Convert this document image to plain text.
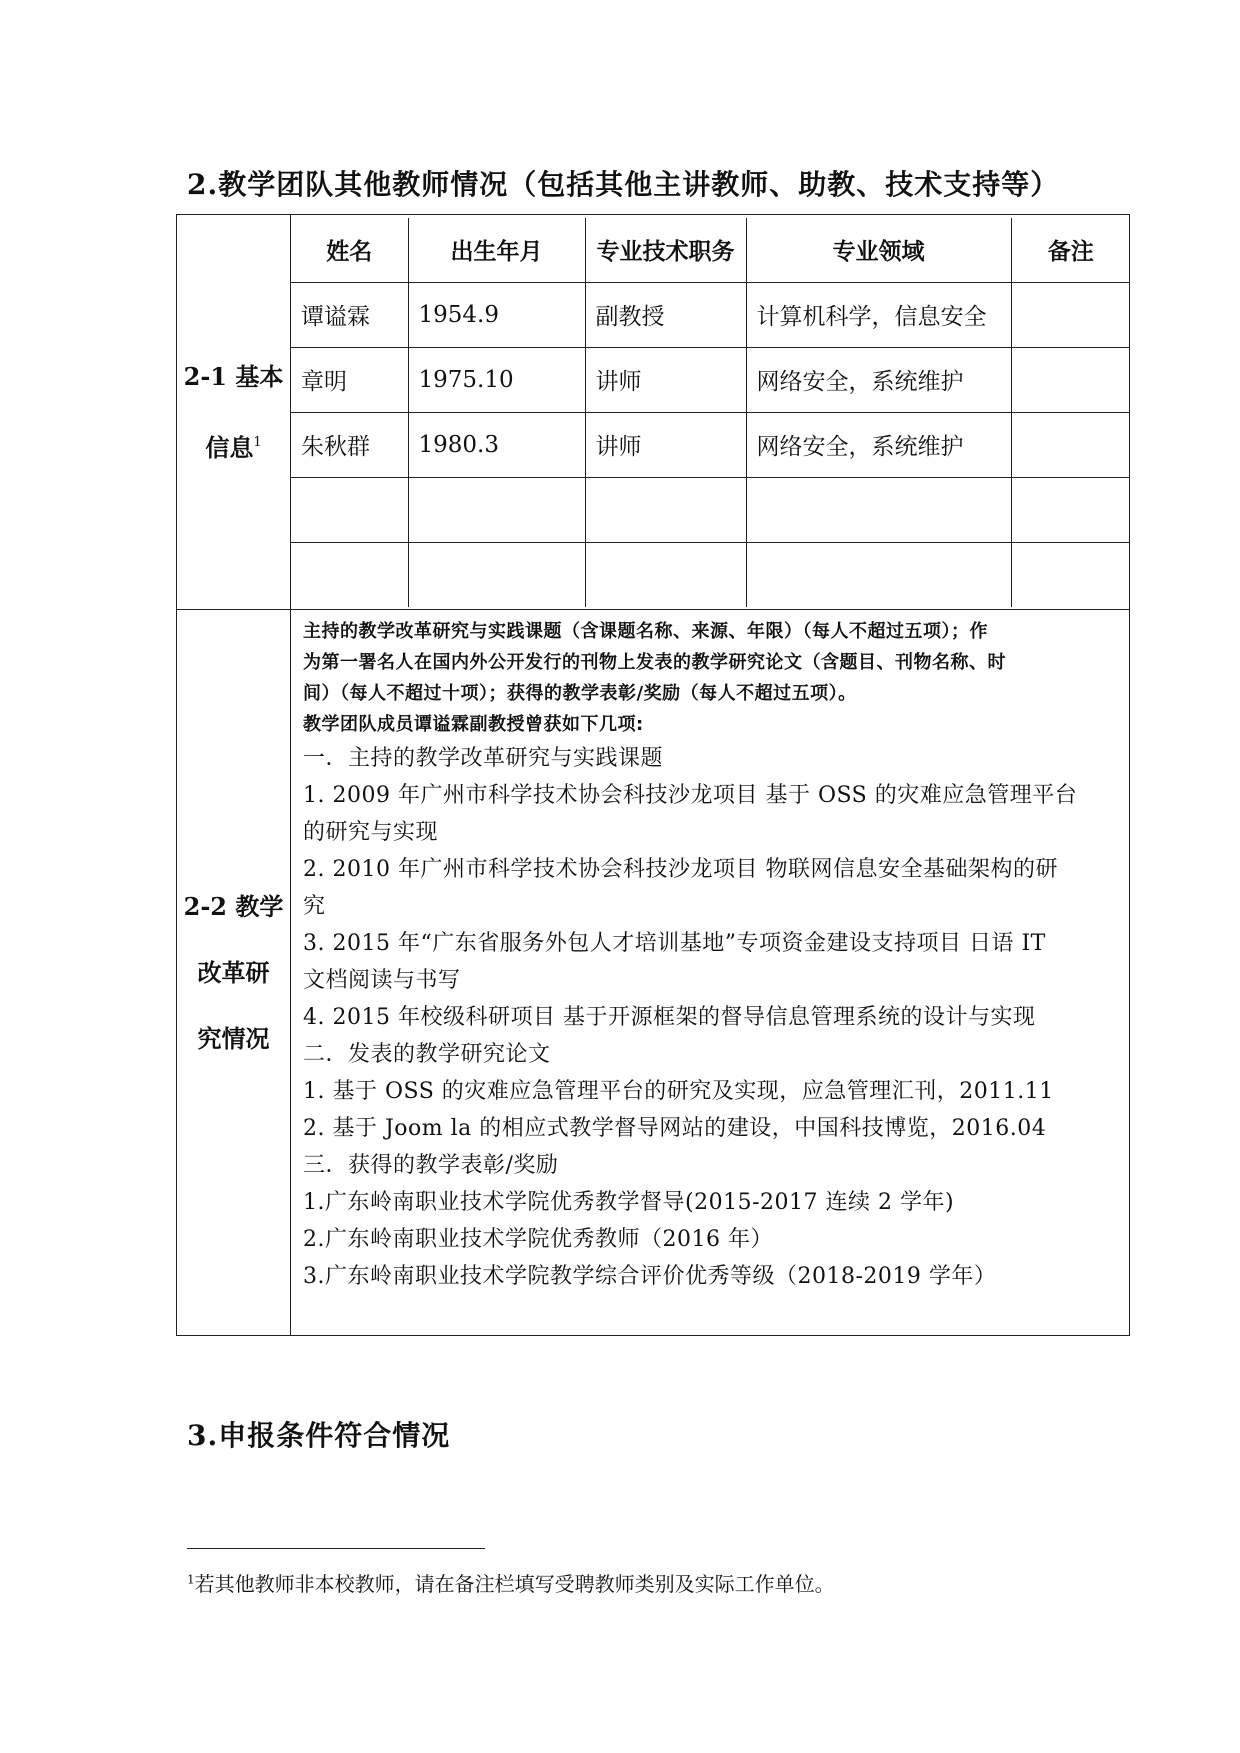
2.教学团队其他教师情况（包括其他主讲教师、助教、技术支持等）
2-1 基本
信息$^1$

姓名	出生年月	专业技术职务	专业领域	备注
谭谥霖	1954.9	副教授	计算机科学，信息安全	
章明	1975.10	讲师	网络安全，系统维护	
朱秋群	1980.3	讲师	网络安全，系统维护	

2-2 教学
改革研
究情况

主持的教学改革研究与实践课题（含课题名称、来源、年限）（每人不超过五项）；作
为第一署名人在国内外公开发行的刊物上发表的教学研究论文（含题目、刊物名称、时
间）（每人不超过十项）；获得的教学表彰/奖励（每人不超过五项）。
教学团队成员谭谥霖副教授曾获如下几项:
一．主持的教学改革研究与实践课题
1. 2009 年广州市科学技术协会科技沙龙项目 基于 OSS 的灾难应急管理平台
的研究与实现
2. 2010 年广州市科学技术协会科技沙龙项目 物联网信息安全基础架构的研
究
3. 2015 年“广东省服务外包人才培训基地”专项资金建设支持项目 日语 IT
文档阅读与书写
4. 2015 年校级科研项目 基于开源框架的督导信息管理系统的设计与实现
二．发表的教学研究论文
1. 基于 OSS 的灾难应急管理平台的研究及实现，应急管理汇刊，2011.11
2. 基于 Joom la 的相应式教学督导网站的建设，中国科技博览，2016.04
三．获得的教学表彰/奖励
1.广东岭南职业技术学院优秀教学督导(2015-2017 连续 2 学年)
2.广东岭南职业技术学院优秀教师（2016 年）
3.广东岭南职业技术学院教学综合评价优秀等级（2018-2019 学年）
3.申报条件符合情况
$^1$若其他教师非本校教师，请在备注栏填写受聘教师类别及实际工作单位。
